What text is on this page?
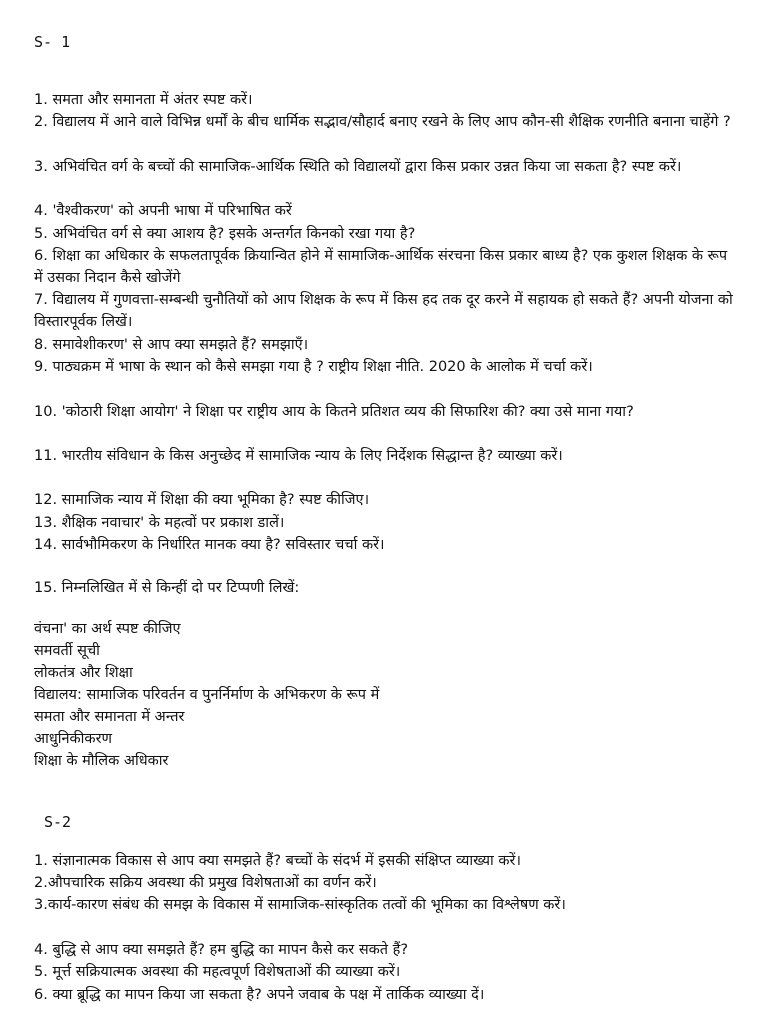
S- 1
1. समता और समानता में अंतर स्पष्ट करें।
2. विद्यालय में आने वाले विभिन्न धर्मों के बीच धार्मिक सद्भाव/सौहार्द बनाए रखने के लिए आप कौन-सी शैक्षिक रणनीति बनाना चाहेंगे ?
3. अभिवंचित वर्ग के बच्चों की सामाजिक-आर्थिक स्थिति को विद्यालयों द्वारा किस प्रकार उन्नत किया जा सकता है? स्पष्ट करें।
4. 'वैश्वीकरण' को अपनी भाषा में परिभाषित करें
5. अभिवंचित वर्ग से क्या आशय है? इसके अन्तर्गत किनको रखा गया है?
6. शिक्षा का अधिकार के सफलतापूर्वक क्रियान्वित होने में सामाजिक-आर्थिक संरचना किस प्रकार बाध्य है? एक कुशल शिक्षक के रूप में उसका निदान कैसे खोजेंगे
7. विद्यालय में गुणवत्ता-सम्बन्धी चुनौतियों को आप शिक्षक के रूप में किस हद तक दूर करने में सहायक हो सकते हैं? अपनी योजना को विस्तारपूर्वक लिखें।
8. समावेशीकरण' से आप क्या समझते हैं? समझाएँ।
9. पाठ्यक्रम में भाषा के स्थान को कैसे समझा गया है ? राष्ट्रीय शिक्षा नीति. 2020 के आलोक में चर्चा करें।
10. 'कोठारी शिक्षा आयोग' ने शिक्षा पर राष्ट्रीय आय के कितने प्रतिशत व्यय की सिफारिश की? क्या उसे माना गया?
11. भारतीय संविधान के किस अनुच्छेद में सामाजिक न्याय के लिए निर्देशक सिद्धान्त है? व्याख्या करें।
12. सामाजिक न्याय में शिक्षा की क्या भूमिका है? स्पष्ट कीजिए।
13. शैक्षिक नवाचार' के महत्वों पर प्रकाश डालें।
14. सार्वभौमिकरण के निर्धारित मानक क्या है? सविस्तार चर्चा करें।
15. निम्नलिखित में से किन्हीं दो पर टिप्पणी लिखें:
वंचना' का अर्थ स्पष्ट कीजिए
समवर्ती सूची
लोकतंत्र और शिक्षा
विद्यालय: सामाजिक परिवर्तन व पुनर्निर्माण के अभिकरण के रूप में
समता और समानता में अन्तर
आधुनिकीकरण
शिक्षा के मौलिक अधिकार
S-2
1. संज्ञानात्मक विकास से आप क्या समझते हैं? बच्चों के संदर्भ में इसकी संक्षिप्त व्याख्या करें।
2.औपचारिक सक्रिय अवस्था की प्रमुख विशेषताओं का वर्णन करें।
3.कार्य-कारण संबंध की समझ के विकास में सामाजिक-सांस्कृतिक तत्वों की भूमिका का विश्लेषण करें।
4. बुद्धि से आप क्या समझते हैं? हम बुद्धि का मापन कैसे कर सकते हैं?
5. मूर्त्त सक्रियात्मक अवस्था की महत्वपूर्ण विशेषताओं की व्याख्या करें।
6. क्या ब्रूद्धि का मापन किया जा सकता है? अपने जवाब के पक्ष में तार्किक व्याख्या दें।
